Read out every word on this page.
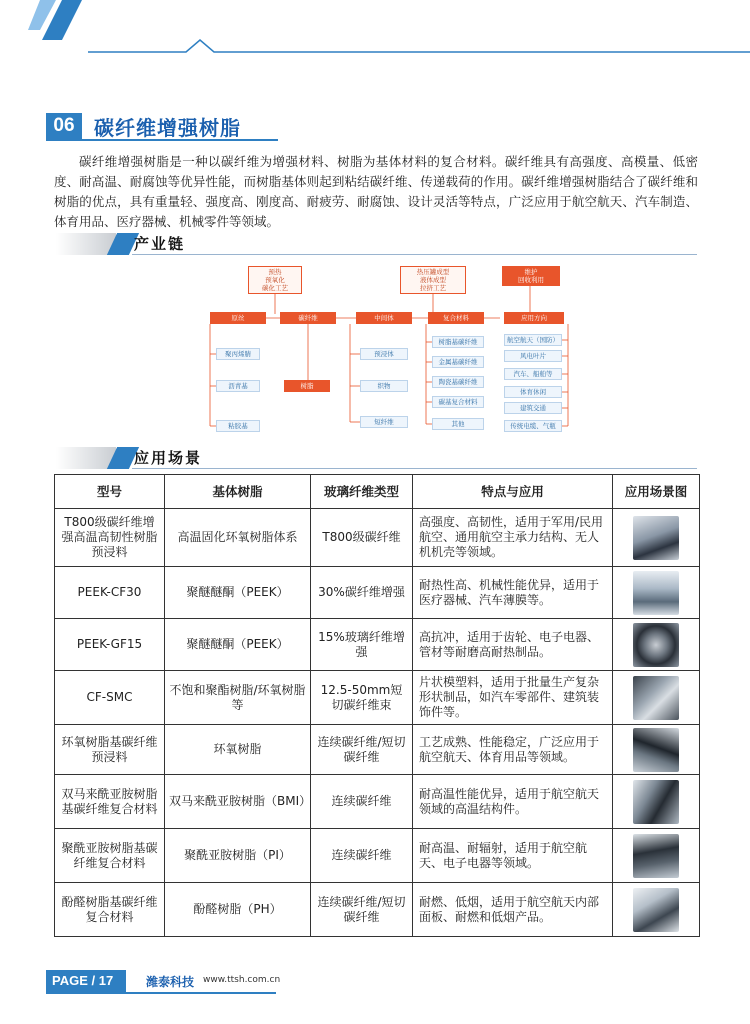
06 碳纤维增强树脂

碳纤维增强树脂是一种以碳纤维为增强材料、树脂为基体材料的复合材料。碳纤维具有高强度、高模量、低密度、耐高温、耐腐蚀等优异性能，而树脂基体则起到粘结碳纤维、传递载荷的作用。碳纤维增强树脂结合了碳纤维和树脂的优点，具有重量轻、强度高、刚度高、耐疲劳、耐腐蚀、设计灵活等特点，广泛应用于航空航天、汽车制造、体育用品、医疗器械、机械零件等领域。

产业链
预热
预氧化
碳化工艺
热压罐成型
液体成型
拉挤工艺
维护
回收利用
原丝	碳纤维	中间体	复合材料	应用方向
聚丙烯腈
沥青基
粘胶基
树脂
预浸体
织物
短纤维
树脂基碳纤维
金属基碳纤维
陶瓷基碳纤维
碳基复合材料
其他
航空航天（国防）
风电叶片
汽车、船舶等
体育休闲
建筑交通
传统电缆、气瓶
应用场景
型号	基体树脂	玻璃纤维类型	特点与应用	应用场景图
T800级碳纤维增强高温高韧性树脂预浸料	高温固化环氧树脂体系	T800级碳纤维	高强度、高韧性，适用于军用/民用航空、通用航空主承力结构、无人机机壳等领域。	

PEEK-CF30	聚醚醚酮（PEEK）	30%碳纤维增强	耐热性高、机械性能优异，适用于医疗器械、汽车薄膜等。	

PEEK-GF15	聚醚醚酮（PEEK）	15%玻璃纤维增强	高抗冲，适用于齿轮、电子电器、管材等耐磨高耐热制品。	

CF-SMC	不饱和聚酯树脂/环氧树脂等	12.5-50mm短切碳纤维束	片状模塑料，适用于批量生产复杂形状制品，如汽车零部件、建筑装饰件等。	

环氧树脂基碳纤维预浸料	环氧树脂	连续碳纤维/短切碳纤维	工艺成熟、性能稳定，广泛应用于航空航天、体育用品等领域。	

双马来酰亚胺树脂基碳纤维复合材料	双马来酰亚胺树脂（BMI）	连续碳纤维	耐高温性能优异，适用于航空航天领域的高温结构件。	

聚酰亚胺树脂基碳纤维复合材料	聚酰亚胺树脂（PI）	连续碳纤维	耐高温、耐辐射，适用于航空航天、电子电器等领域。	

酚醛树脂基碳纤维复合材料	酚醛树脂（PH）	连续碳纤维/短切碳纤维	耐燃、低烟，适用于航空航天内部面板、耐燃和低烟产品。	
PAGE / 17	潍泰科技 www.ttsh.com.cn
